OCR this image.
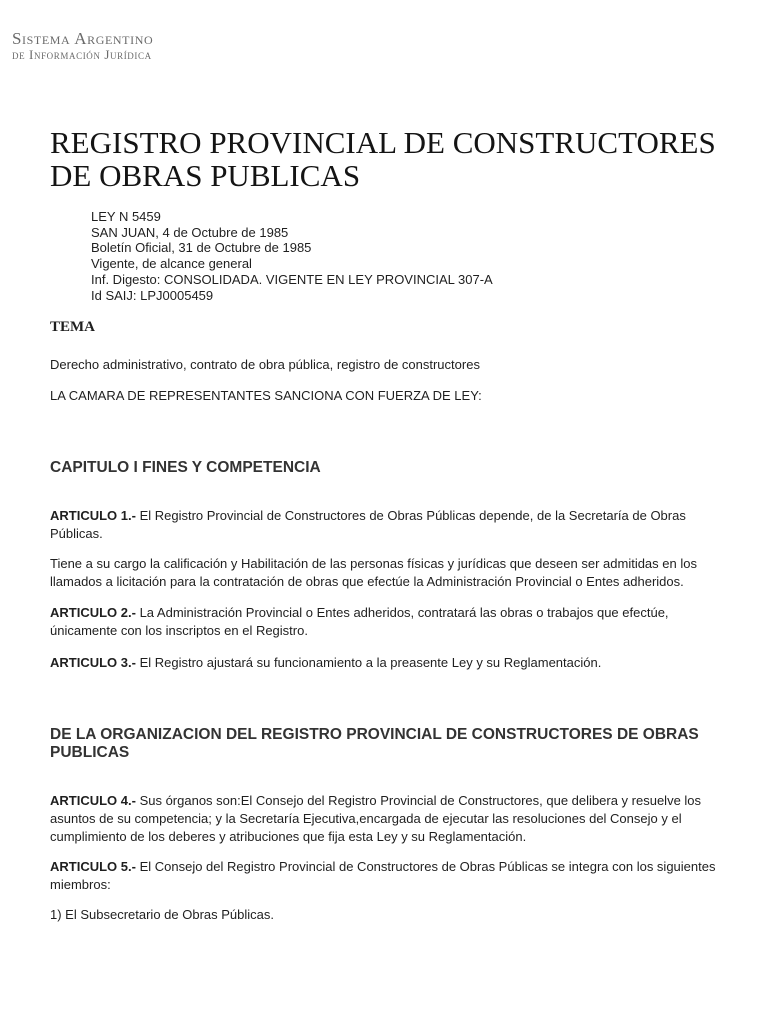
Sistema Argentino
de Información Jurídica
REGISTRO PROVINCIAL DE CONSTRUCTORES DE OBRAS PUBLICAS
LEY N 5459
SAN JUAN, 4 de Octubre de 1985
Boletín Oficial, 31 de Octubre de 1985
Vigente, de alcance general
Inf. Digesto: CONSOLIDADA. VIGENTE EN LEY PROVINCIAL 307-A
Id SAIJ: LPJ0005459
TEMA

Derecho administrativo, contrato de obra pública, registro de constructores

LA CAMARA DE REPRESENTANTES SANCIONA CON FUERZA DE LEY:

CAPITULO I FINES Y COMPETENCIA

ARTICULO 1.- El Registro Provincial de Constructores de Obras Públicas depende, de la Secretaría de Obras Públicas.

Tiene a su cargo la calificación y Habilitación de las personas físicas y jurídicas que deseen ser admitidas en los llamados a licitación para la contratación de obras que efectúe la Administración Provincial o Entes adheridos.

ARTICULO 2.- La Administración Provincial o Entes adheridos, contratará las obras o trabajos que efectúe, únicamente con los inscriptos en el Registro.

ARTICULO 3.- El Registro ajustará su funcionamiento a la preasente Ley y su Reglamentación.

DE LA ORGANIZACION DEL REGISTRO PROVINCIAL DE CONSTRUCTORES DE OBRAS PUBLICAS

ARTICULO 4.- Sus órganos son:El Consejo del Registro Provincial de Constructores, que delibera y resuelve los asuntos de su competencia; y la Secretaría Ejecutiva,encargada de ejecutar las resoluciones del Consejo y el cumplimiento de los deberes y atribuciones que fija esta Ley y su Reglamentación.

ARTICULO 5.- El Consejo del Registro Provincial de Constructores de Obras Públicas se integra con los siguientes miembros:

1) El Subsecretario de Obras Públicas.
